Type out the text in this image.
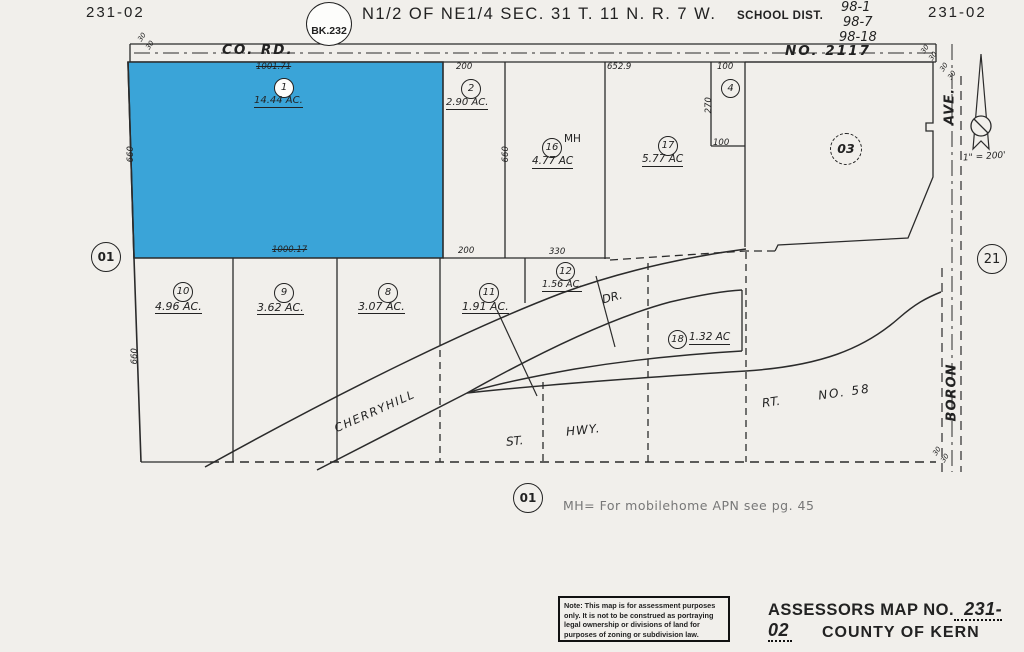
231-02
BK.232
N1/2 OF NE1/4 SEC. 31 T. 11 N. R. 7 W. SCHOOL DIST.
98-1
98-7
98-18
231-02
CO. RD.	NO. 2117
AVE.
BORON
CHERRYHILL
DR.
ST.
HWY.
RT.	NO. 58
1" = 200'
1
14.44 AC.
2
2.90 AC.
16
MH
4.77 AC
17
5.77 AC
4
10
4.96 AC.
9
3.62 AC.
8
3.07 AC.
11
1.91 AC.
12
1.56 AC.
18 1.32 AC
03
01	21
1001.71
1000.17
200
200
652.9
330
100
270
100
660	660
660
30
30	30
30
30
30
30
30
01 MH= For mobilehome APN see pg. 45
Note: This map is for assessment purposes only. It is not to be construed as portraying legal ownership or divisions of land for purposes of zoning or subdivision law.
ASSESSORS MAP NO. 231-02	COUNTY OF KERN
